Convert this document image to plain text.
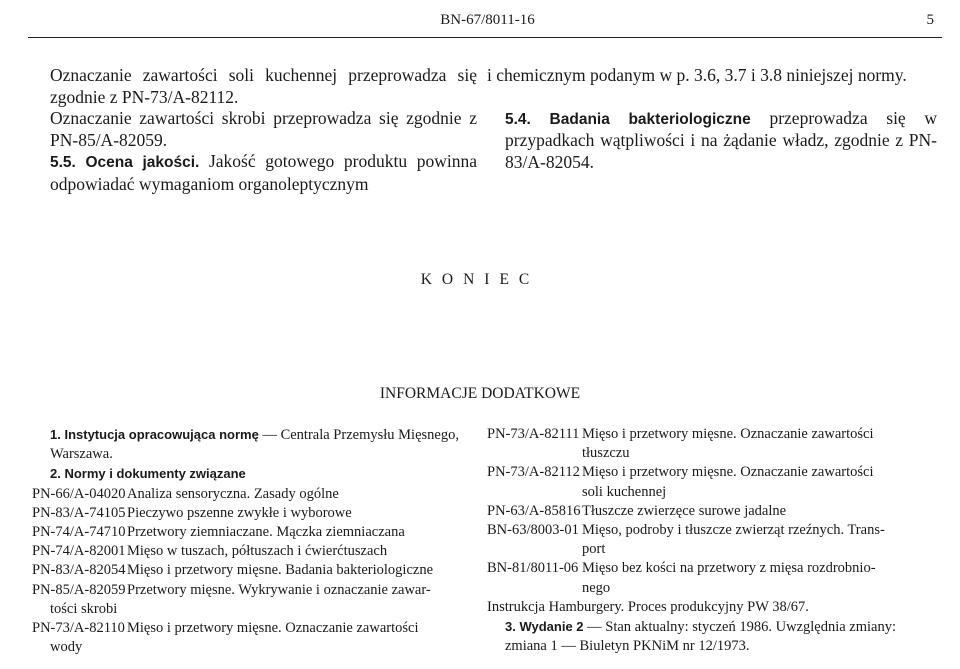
BN-67/8011-16	5

Oznaczanie zawartości soli kuchennej przeprowadza się zgodnie z PN-73/A-82112.

Oznaczanie zawartości skrobi przeprowadza się zgodnie z PN-85/A-82059.

5.5. Ocena jakości. Jakość gotowego produktu powinna odpowiadać wymaganiom organoleptycznym

i chemicznym podanym w p. 3.6, 3.7 i 3.8 niniejszej normy.

5.4. Badania bakteriologiczne przeprowadza się w przypadkach wątpliwości i na żądanie władz, zgodnie z PN-83/A-82054.

KONIEC
INFORMACJE DODATKOWE

1. Instytucja opracowująca normę — Centrala Przemysłu Mięsnego, Warszawa.

2. Normy i dokumenty związane

PN-66/A-04020 Analiza sensoryczna. Zasady ogólne
PN-83/A-74105 Pieczywo pszenne zwykłe i wyborowe
PN-74/A-74710 Przetwory ziemniaczane. Mączka ziemniaczana
PN-74/A-82001 Mięso w tuszach, półtuszach i ćwierćtuszach
PN-83/A-82054 Mięso i przetwory mięsne. Badania bakteriologiczne
PN-85/A-82059 Przetwory mięsne. Wykrywanie i oznaczanie zawar-
tości skrobi
PN-73/A-82110 Mięso i przetwory mięsne. Oznaczanie zawartości
wody
PN-73/A-82111 Mięso i przetwory mięsne. Oznaczanie zawartości
tłuszczu
PN-73/A-82112 Mięso i przetwory mięsne. Oznaczanie zawartości
soli kuchennej
PN-63/A-85816 Tłuszcze zwierzęce surowe jadalne
BN-63/8003-01 Mięso, podroby i tłuszcze zwierząt rzeźnych. Trans-
port
BN-81/8011-06 Mięso bez kości na przetwory z mięsa rozdrobnio-
nego

Instrukcja Hamburgery. Proces produkcyjny PW 38/67.

3. Wydanie 2 — Stan aktualny: styczeń 1986. Uwzględnia zmiany: zmiana 1 — Biuletyn PKNiM nr 12/1973.
